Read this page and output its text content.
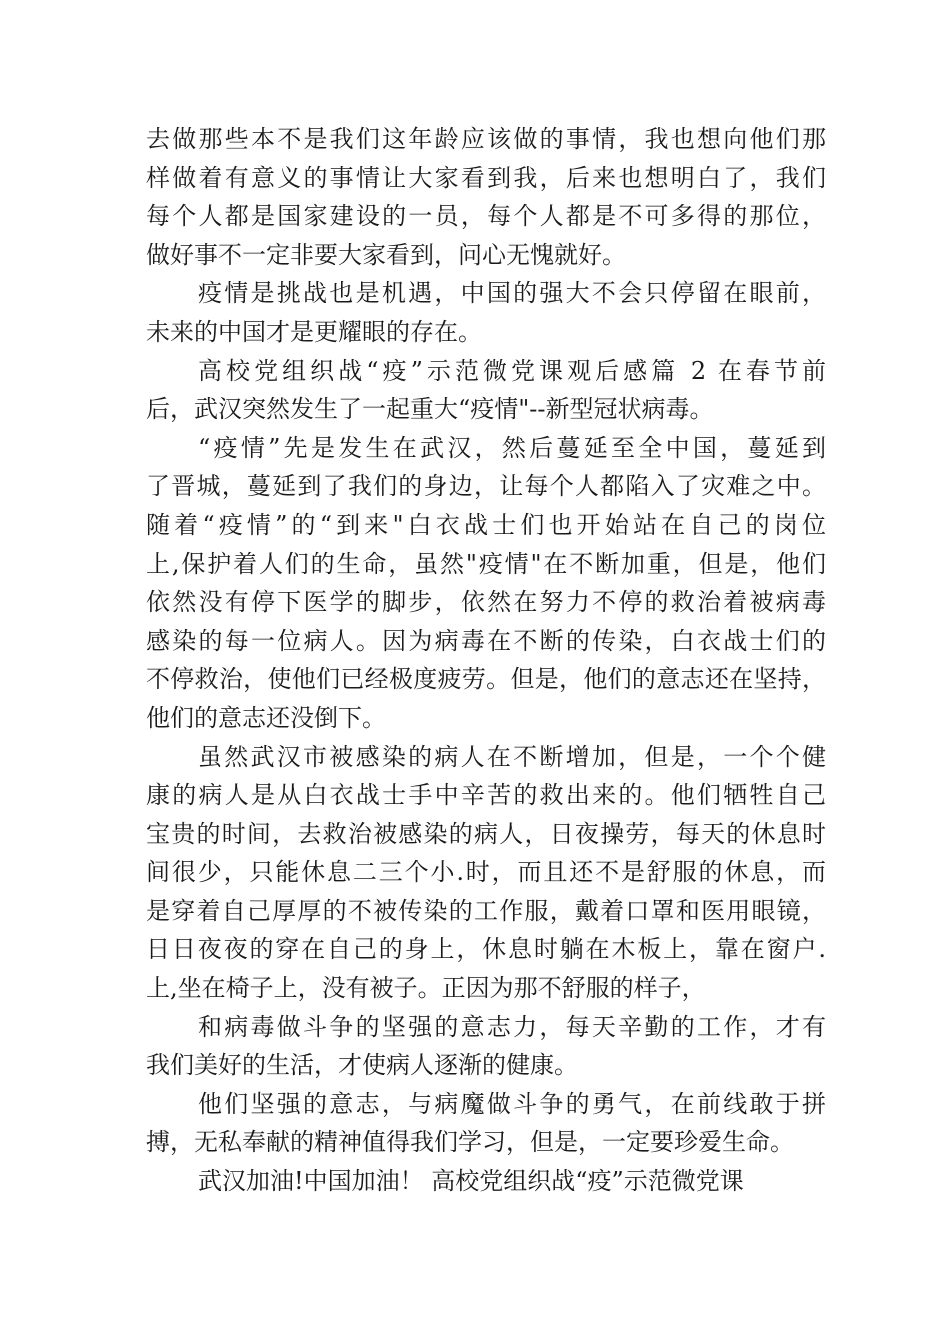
去做那些本不是我们这年龄应该做的事情，我也想向他们那
样做着有意义的事情让大家看到我，后来也想明白了，我们
每个人都是国家建设的一员，每个人都是不可多得的那位，
做好事不一定非要大家看到，问心无愧就好。
疫情是挑战也是机遇，中国的强大不会只停留在眼前，
未来的中国才是更耀眼的存在。
高校党组织战“疫”示范微党课观后感篇 2 在春节前
后，武汉突然发生了一起重大“疫情"--新型冠状病毒。
“疫情”先是发生在武汉，然后蔓延至全中国，蔓延到
了晋城，蔓延到了我们的身边，让每个人都陷入了灾难之中。
随着“疫情”的“到来"白衣战士们也开始站在自己的岗位
上,保护着人们的生命，虽然"疫情"在不断加重，但是，他们
依然没有停下医学的脚步，依然在努力不停的救治着被病毒
感染的每一位病人。因为病毒在不断的传染，白衣战士们的
不停救治，使他们已经极度疲劳。但是，他们的意志还在坚持，
他们的意志还没倒下。
虽然武汉市被感染的病人在不断增加，但是，一个个健
康的病人是从白衣战士手中辛苦的救出来的。他们牺牲自己
宝贵的时间，去救治被感染的病人，日夜操劳，每天的休息时
间很少，只能休息二三个小.时，而且还不是舒服的休息，而
是穿着自己厚厚的不被传染的工作服，戴着口罩和医用眼镜，
日日夜夜的穿在自己的身上，休息时躺在木板上，靠在窗户.
上,坐在椅子上，没有被子。正因为那不舒服的样子，
和病毒做斗争的坚强的意志力，每天辛勤的工作，才有
我们美好的生活，才使病人逐渐的健康。
他们坚强的意志，与病魔做斗争的勇气，在前线敢于拼
搏，无私奉献的精神值得我们学习，但是，一定要珍爱生命。
武汉加油!中国加油！ 高校党组织战“疫”示范微党课
